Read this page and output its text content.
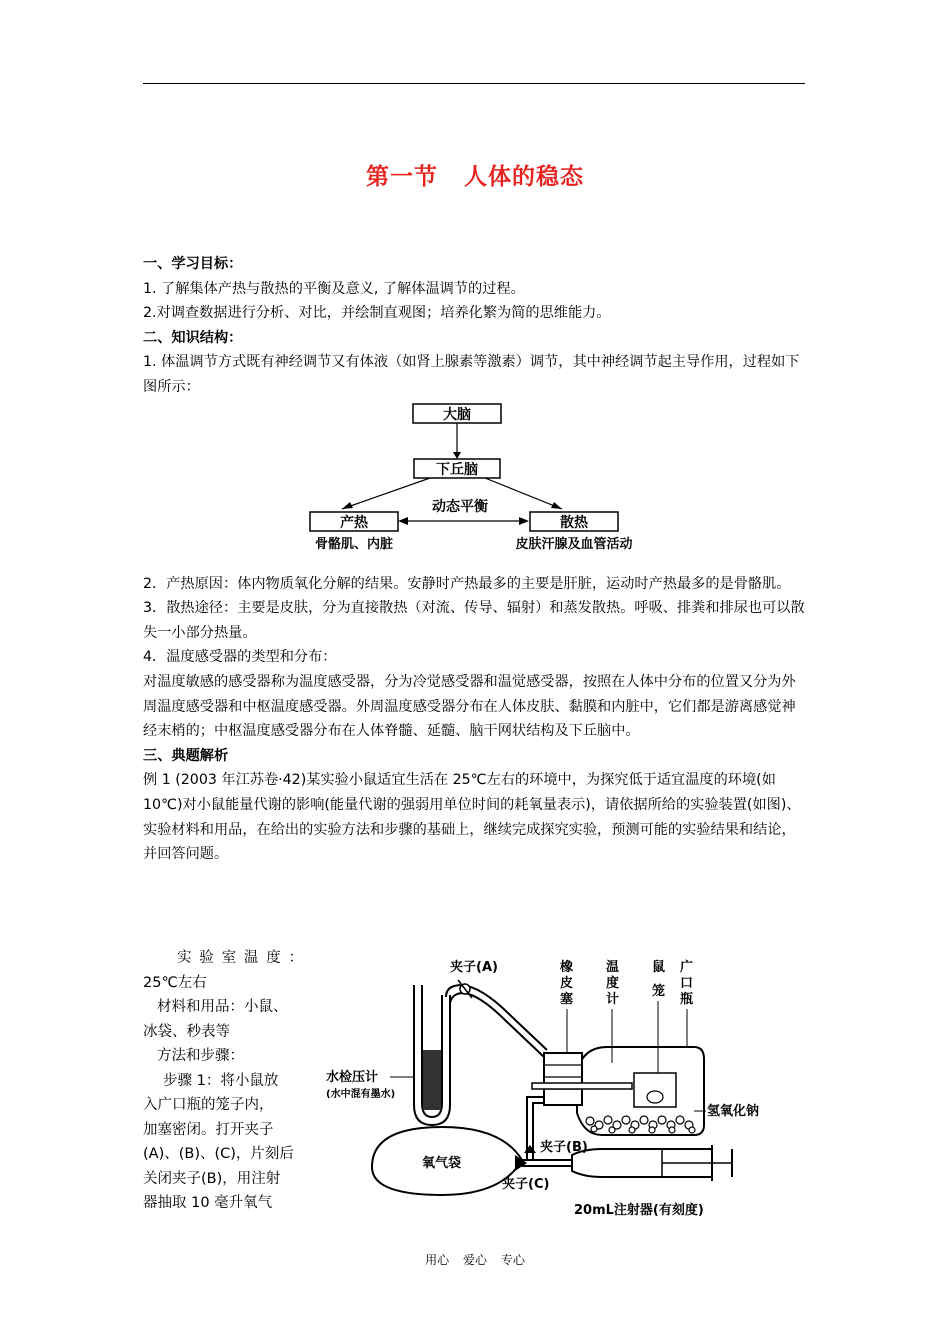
第一节 人体的稳态

一、学习目标：

1. 了解集体产热与散热的平衡及意义, 了解体温调节的过程。

2.对调查数据进行分析、对比，并绘制直观图；培养化繁为简的思维能力。

二、知识结构：

1. 体温调节方式既有神经调节又有体液（如肾上腺素等激素）调节，其中神经调节起主导作用，过程如下图所示：

2．产热原因：体内物质氧化分解的结果。安静时产热最多的主要是肝脏，运动时产热最多的是骨骼肌。

3．散热途径：主要是皮肤，分为直接散热（对流、传导、辐射）和蒸发散热。呼吸、排粪和排尿也可以散失一小部分热量。

4．温度感受器的类型和分布：

对温度敏感的感受器称为温度感受器，分为冷觉感受器和温觉感受器，按照在人体中分布的位置又分为外周温度感受器和中枢温度感受器。外周温度感受器分布在人体皮肤、黏膜和内脏中，它们都是游离感觉神经末梢的；中枢温度感受器分布在人体脊髓、延髓、脑干网状结构及下丘脑中。

三、典题解析

例 1 (2003 年江苏卷·42)某实验小鼠适宜生活在 25℃左右的环境中，为探究低于适宜温度的环境(如 10℃)对小鼠能量代谢的影响(能量代谢的强弱用单位时间的耗氧量表示)，请依据所给的实验装置(如图)、实验材料和用品，在给出的实验方法和步骤的基础上，继续完成探究实验，预测可能的实验结果和结论，并回答问题。

大脑
下丘脑
动态平衡
产热	散热
骨骼肌、内脏	皮肤汗腺及血管活动

实验室温度：

25℃左右

材料和用品：小鼠、

冰袋、秒表等

方法和步骤：

步骤 1：将小鼠放

入广口瓶的笼子内，

加塞密闭。打开夹子

(A)、(B)、(C)，片刻后

关闭夹子(B)，用注射

器抽取 10 毫升氧气

夹子(A)
水检压计
(水中混有墨水)
橡
皮
塞
温
度
计
鼠
笼
广
口
瓶
氢氧化钠
夹子(B)
氧气袋
夹子(C)
20mL注射器(有刻度)
用心 爱心 专心
